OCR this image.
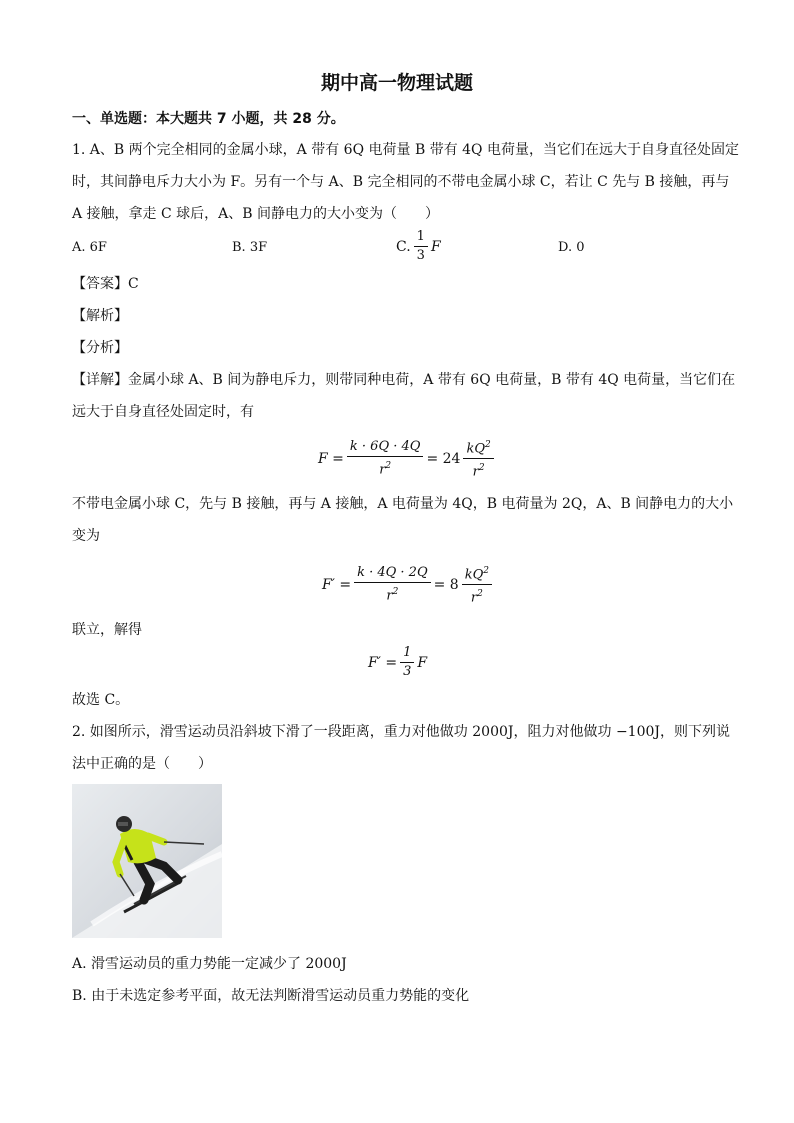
期中高一物理试题
一、单选题：本大题共 7 小题，共 28 分。
1. A、B 两个完全相同的金属小球，A 带有 6Q 电荷量 B 带有 4Q 电荷量，当它们在远大于自身直径处固定
时，其间静电斥力大小为 F。另有一个与 A、B 完全相同的不带电金属小球 C，若让 C 先与 B 接触，再与
A 接触，拿走 C 球后，A、B 间静电力的大小变为（　　）
A. 6F	B. 3F	C. $\frac{1}{3}$ F	D. 0
【答案】C
【解析】
【分析】
【详解】金属小球 A、B 间为静电斥力，则带同种电荷，A 带有 6Q 电荷量，B 带有 4Q 电荷量，当它们在
远大于自身直径处固定时，有
$F = \frac{k \cdot 6Q \cdot 4Q}{r^2} = 24 \frac{kQ^2}{r^2}$
不带电金属小球 C，先与 B 接触，再与 A 接触，A 电荷量为 4Q，B 电荷量为 2Q，A、B 间静电力的大小
变为
$F' = \frac{k \cdot 4Q \cdot 2Q}{r^2} = 8 \frac{kQ^2}{r^2}$
联立，解得
$F' = \frac{1}{3}$ F
故选 C。
2. 如图所示，滑雪运动员沿斜坡下滑了一段距离，重力对他做功 2000J，阻力对他做功 −100J，则下列说
法中正确的是（　　）
A. 滑雪运动员的重力势能一定减少了 2000J
B. 由于未选定参考平面，故无法判断滑雪运动员重力势能的变化
